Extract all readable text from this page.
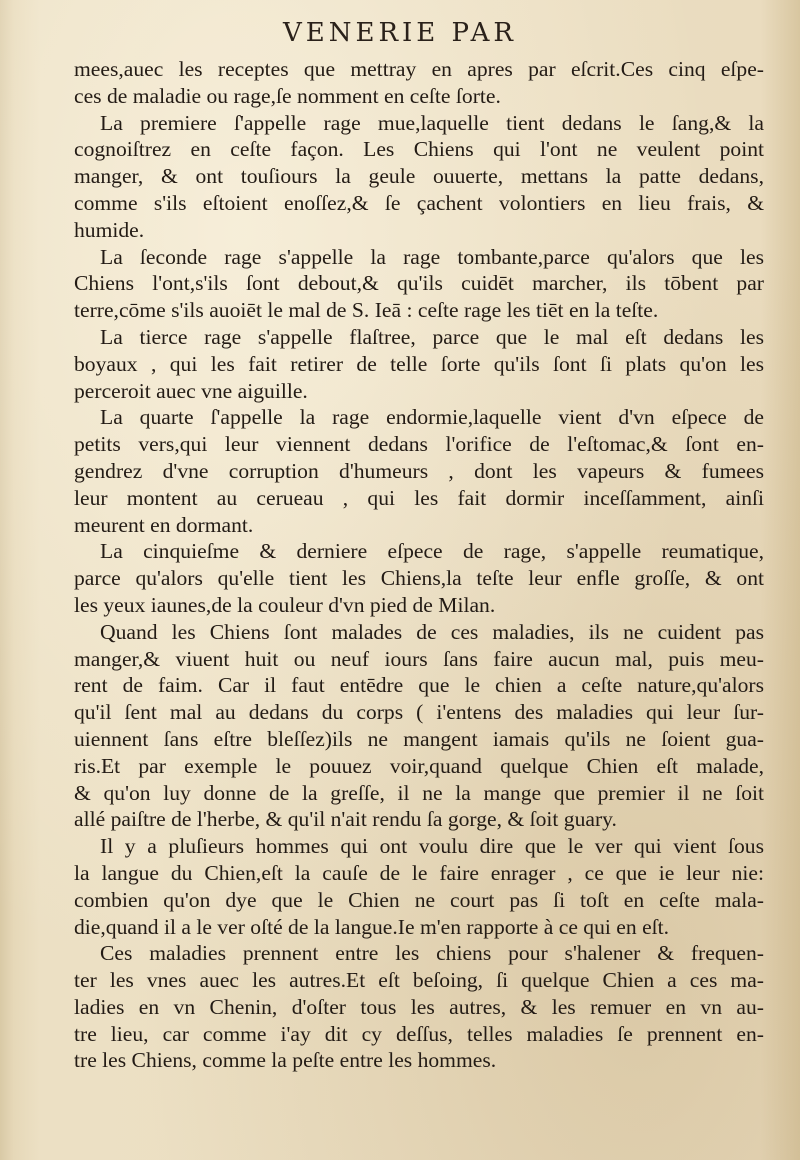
VENERIE PAR
mees,auec les receptes que mettray en apres par eſcrit.Ces cinq eſpe-
ces de maladie ou rage,ſe nomment en ceſte ſorte.
La premiere ſ'appelle rage mue,laquelle tient dedans le ſang,& la
cognoiſtrez en ceſte façon. Les Chiens qui l'ont ne veulent point
manger, & ont touſiours la geule ouuerte, mettans la patte dedans,
comme s'ils eſtoient enoſſez,& ſe çachent volontiers en lieu frais, &
humide.
La ſeconde rage s'appelle la rage tombante,parce qu'alors que les
Chiens l'ont,s'ils ſont debout,& qu'ils cuidēt marcher, ils tōbent par
terre,cōme s'ils auoiēt le mal de S. Ieā : ceſte rage les tiēt en la teſte.
La tierce rage s'appelle flaſtree, parce que le mal eſt dedans les
boyaux , qui les fait retirer de telle ſorte qu'ils ſont ſi plats qu'on les
perceroit auec vne aiguille.
La quarte ſ'appelle la rage endormie,laquelle vient d'vn eſpece de
petits vers,qui leur viennent dedans l'orifice de l'eſtomac,& ſont en-
gendrez d'vne corruption d'humeurs , dont les vapeurs & fumees
leur montent au cerueau , qui les fait dormir inceſſamment, ainſi
meurent en dormant.
La cinquieſme & derniere eſpece de rage, s'appelle reumatique,
parce qu'alors qu'elle tient les Chiens,la teſte leur enfle groſſe, & ont
les yeux iaunes,de la couleur d'vn pied de Milan.
Quand les Chiens ſont malades de ces maladies, ils ne cuident pas
manger,& viuent huit ou neuf iours ſans faire aucun mal, puis meu-
rent de faim. Car il faut entēdre que le chien a ceſte nature,qu'alors
qu'il ſent mal au dedans du corps ( i'entens des maladies qui leur ſur-
uiennent ſans eſtre bleſſez)ils ne mangent iamais qu'ils ne ſoient gua-
ris.Et par exemple le pouuez voir,quand quelque Chien eſt malade,
& qu'on luy donne de la greſſe, il ne la mange que premier il ne ſoit
allé paiſtre de l'herbe, & qu'il n'ait rendu ſa gorge, & ſoit guary.
Il y a pluſieurs hommes qui ont voulu dire que le ver qui vient ſous
la langue du Chien,eſt la cauſe de le faire enrager , ce que ie leur nie:
combien qu'on dye que le Chien ne court pas ſi toſt en ceſte mala-
die,quand il a le ver oſté de la langue.Ie m'en rapporte à ce qui en eſt.
Ces maladies prennent entre les chiens pour s'halener & frequen-
ter les vnes auec les autres.Et eſt beſoing, ſi quelque Chien a ces ma-
ladies en vn Chenin, d'oſter tous les autres, & les remuer en vn au-
tre lieu, car comme i'ay dit cy deſſus, telles maladies ſe prennent en-
tre les Chiens, comme la peſte entre les hommes.
